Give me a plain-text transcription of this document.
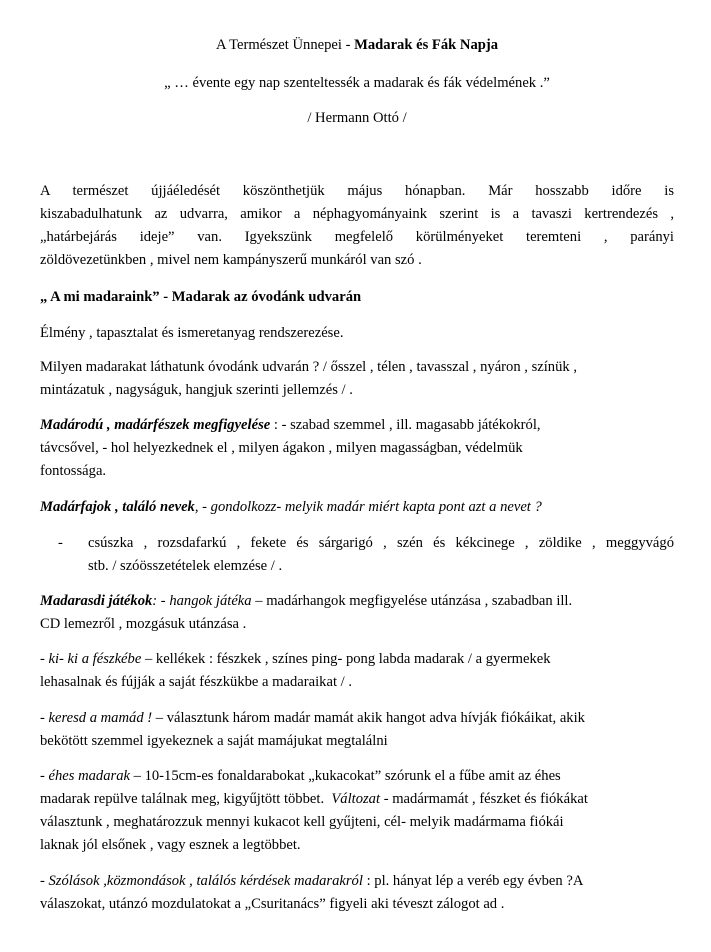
A Természet Ünnepei - Madarak és Fák Napja
„ … évente egy nap szenteltessék a madarak és fák védelmének .”
/ Hermann Ottó /
A természet újjáéledését köszönthetjük május hónapban. Már hosszabb időre is
kiszabadulhatunk az udvarra, amikor a néphagyományaink szerint is a tavaszi kertrendezés ,
„határbejárás ideje” van. Igyekszünk megfelelő körülményeket teremteni , parányi
zöldövezetünkben , mivel nem kampányszerű munkáról van szó .
„ A mi madaraink” - Madarak az óvodánk udvarán
Élmény , tapasztalat és ismeretanyag rendszerezése.
Milyen madarakat láthatunk óvodánk udvarán ? / ősszel , télen , tavasszal , nyáron , színük ,
mintázatuk , nagyságuk, hangjuk szerinti jellemzés / .
Madárodú , madárfészek megfigyelése : - szabad szemmel , ill. magasabb játékokról,
távcsővel, - hol helyezkednek el , milyen ágakon , milyen magasságban, védelmük
fontossága.
Madárfajok , találó nevek, - gondolkozz- melyik madár miért kapta pont azt a nevet ?
- csúszka , rozsdafarkú , fekete és sárgarigó , szén és kékcinege , zöldike , meggyvágó
stb. / szóösszetételek elemzése / .
Madarasdi játékok: - hangok játéka – madárhangok megfigyelése utánzása , szabadban ill.
CD lemezről , mozgásuk utánzása .
- ki- ki a fészkébe – kellékek : fészkek , színes ping- pong labda madarak / a gyermekek
lehasalnak és fújják a saját fészkükbe a madaraikat / .
- keresd a mamád ! – választunk három madár mamát akik hangot adva hívják fiókáikat, akik
bekötött szemmel igyekeznek a saját mamájukat megtalálni
- éhes madarak – 10-15cm-es fonaldarabokat „kukacokat” szórunk el a fűbe amit az éhes
madarak repülve találnak meg, kigyűjtött többet.  Változat - madármamát , fészket és fiókákat
választunk , meghatározzuk mennyi kukacot kell gyűjteni, cél- melyik madármama fiókái
laknak jól elsőnek , vagy esznek a legtöbbet.
- Szólások ,közmondások , találós kérdések madarakról : pl. hányat lép a veréb egy évben ?A
válaszokat, utánzó mozdulatokat a „Csuritanács” figyeli aki téveszt zálogot ad .
